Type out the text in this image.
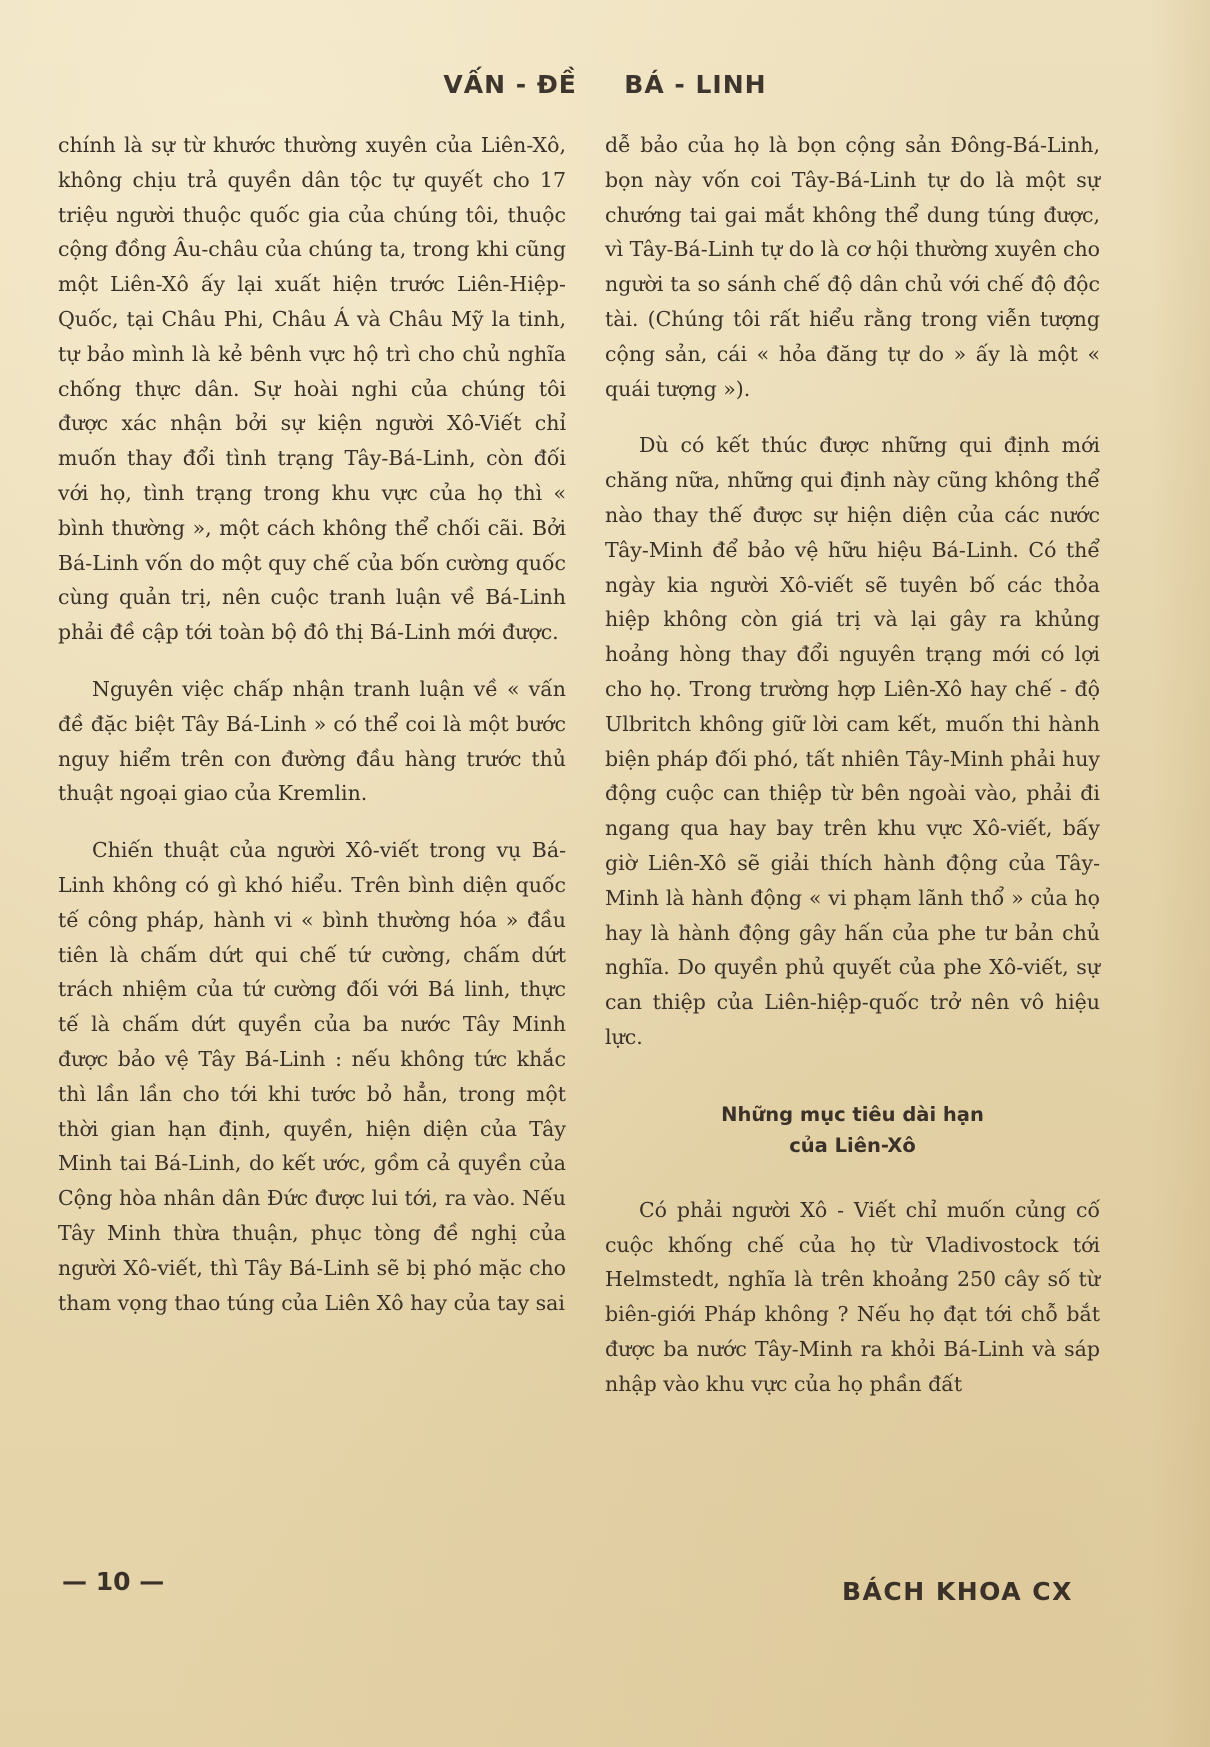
VẤN - ĐỀ BÁ - LINH

chính là sự từ khước thường xuyên của Liên-Xô, không chịu trả quyền dân tộc tự quyết cho 17 triệu người thuộc quốc gia của chúng tôi, thuộc cộng đồng Âu-châu của chúng ta, trong khi cũng một Liên-Xô ấy lại xuất hiện trước Liên-Hiệp-Quốc, tại Châu Phi, Châu Á và Châu Mỹ la tinh, tự bảo mình là kẻ bênh vực hộ trì cho chủ nghĩa chống thực dân. Sự hoài nghi của chúng tôi được xác nhận bởi sự kiện người Xô-Viết chỉ muốn thay đổi tình trạng Tây-Bá-Linh, còn đối với họ, tình trạng trong khu vực của họ thì « bình thường », một cách không thể chối cãi. Bởi Bá-Linh vốn do một quy chế của bốn cường quốc cùng quản trị, nên cuộc tranh luận về Bá-Linh phải đề cập tới toàn bộ đô thị Bá-Linh mới được.

Nguyên việc chấp nhận tranh luận về « vấn đề đặc biệt Tây Bá-Linh » có thể coi là một bước nguy hiểm trên con đường đầu hàng trước thủ thuật ngoại giao của Kremlin.

Chiến thuật của người Xô-viết trong vụ Bá-Linh không có gì khó hiểu. Trên bình diện quốc tế công pháp, hành vi « bình thường hóa » đầu tiên là chấm dứt qui chế tứ cường, chấm dứt trách nhiệm của tứ cường đối với Bá linh, thực tế là chấm dứt quyền của ba nước Tây Minh được bảo vệ Tây Bá-Linh : nếu không tức khắc thì lần lần cho tới khi tước bỏ hẳn, trong một thời gian hạn định, quyền, hiện diện của Tây Minh tai Bá-Linh, do kết ước, gồm cả quyền của Cộng hòa nhân dân Đức được lui tới, ra vào. Nếu Tây Minh thừa thuận, phục tòng đề nghị của người Xô-viết, thì Tây Bá-Linh sẽ bị phó mặc cho tham vọng thao túng của Liên Xô hay của tay sai

dễ bảo của họ là bọn cộng sản Đông-Bá-Linh, bọn này vốn coi Tây-Bá-Linh tự do là một sự chướng tai gai mắt không thể dung túng được, vì Tây-Bá-Linh tự do là cơ hội thường xuyên cho người ta so sánh chế độ dân chủ với chế độ độc tài. (Chúng tôi rất hiểu rằng trong viễn tượng cộng sản, cái « hỏa đăng tự do » ấy là một « quái tượng »).

Dù có kết thúc được những qui định mới chăng nữa, những qui định này cũng không thể nào thay thế được sự hiện diện của các nước Tây-Minh để bảo vệ hữu hiệu Bá-Linh. Có thể ngày kia người Xô-viết sẽ tuyên bố các thỏa hiệp không còn giá trị và lại gây ra khủng hoảng hòng thay đổi nguyên trạng mới có lợi cho họ. Trong trường hợp Liên-Xô hay chế - độ Ulbritch không giữ lời cam kết, muốn thi hành biện pháp đối phó, tất nhiên Tây-Minh phải huy động cuộc can thiệp từ bên ngoài vào, phải đi ngang qua hay bay trên khu vực Xô-viết, bấy giờ Liên-Xô sẽ giải thích hành động của Tây-Minh là hành động « vi phạm lãnh thổ » của họ hay là hành động gây hấn của phe tư bản chủ nghĩa. Do quyền phủ quyết của phe Xô-viết, sự can thiệp của Liên-hiệp-quốc trở nên vô hiệu lực.

Những mục tiêu dài hạn
của Liên-Xô

Có phải người Xô - Viết chỉ muốn củng cố cuộc khống chế của họ từ Vladivostock tới Helmstedt, nghĩa là trên khoảng 250 cây số từ biên-giới Pháp không ? Nếu họ đạt tới chỗ bắt được ba nước Tây-Minh ra khỏi Bá-Linh và sáp nhập vào khu vực của họ phần đất

— 10 —	BÁCH KHOA CX
